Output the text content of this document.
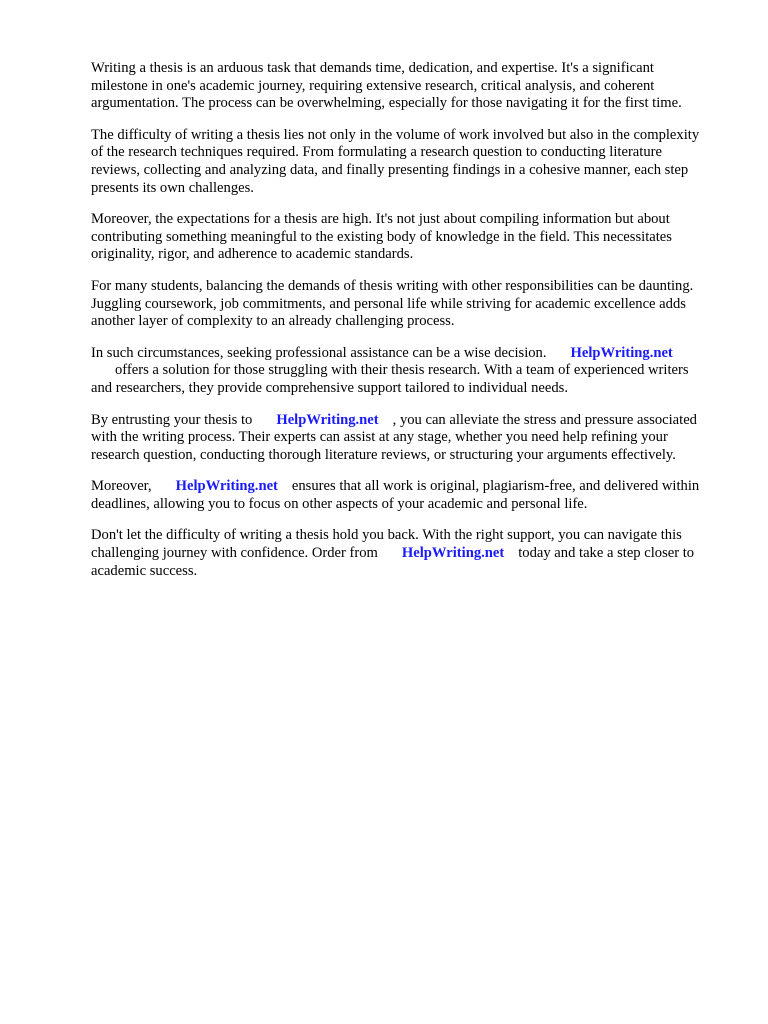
Writing a thesis is an arduous task that demands time, dedication, and expertise. It's a significant milestone in one's academic journey, requiring extensive research, critical analysis, and coherent argumentation. The process can be overwhelming, especially for those navigating it for the first time.

The difficulty of writing a thesis lies not only in the volume of work involved but also in the complexity of the research techniques required. From formulating a research question to conducting literature reviews, collecting and analyzing data, and finally presenting findings in a cohesive manner, each step presents its own challenges.

Moreover, the expectations for a thesis are high. It's not just about compiling information but about contributing something meaningful to the existing body of knowledge in the field. This necessitates originality, rigor, and adherence to academic standards.

For many students, balancing the demands of thesis writing with other responsibilities can be daunting. Juggling coursework, job commitments, and personal life while striving for academic excellence adds another layer of complexity to an already challenging process.

In such circumstances, seeking professional assistance can be a wise decision. HelpWriting.net
offers a solution for those struggling with their thesis research. With a team of experienced writers and researchers, they provide comprehensive support tailored to individual needs.

By entrusting your thesis to HelpWriting.net , you can alleviate the stress and pressure associated with the writing process. Their experts can assist at any stage, whether you need help refining your research question, conducting thorough literature reviews, or structuring your arguments effectively.

Moreover, HelpWriting.net ensures that all work is original, plagiarism-free, and delivered within deadlines, allowing you to focus on other aspects of your academic and personal life.

Don't let the difficulty of writing a thesis hold you back. With the right support, you can navigate this challenging journey with confidence. Order from HelpWriting.net today and take a step closer to academic success.
